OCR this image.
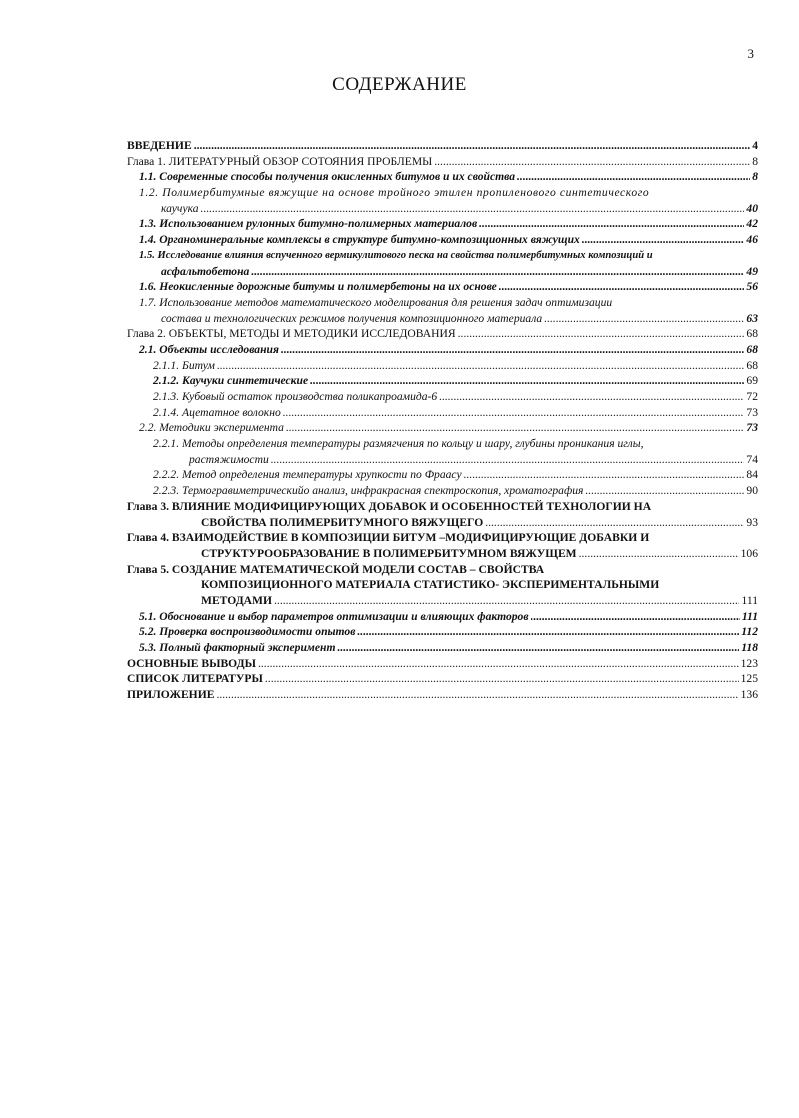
3
СОДЕРЖАНИЕ
ВВЕДЕНИЕ .....	4
Глава 1. ЛИТЕРАТУРНЫЙ ОБЗОР СОТОЯНИЯ ПРОБЛЕМЫ .....	8
1.1. Современные способы получения окисленных битумов и их свойства .....	8
1.2. Полимербитумные вяжущие на основе тройного этилен пропиленового синтетического
каучука .....	40
1.3. Использованием рулонных битумно-полимерных материалов .....	42
1.4. Органоминеральные комплексы в структуре битумно-композиционных вяжущих .....	46
1.5. Исследование влияния вспученного вермикулитового песка на свойства полимербитумных композиций и
асфальтобетона .....	49
1.6. Неокисленные дорожные битумы и полимербетоны на их основе .....	56
1.7. Использование методов математического моделирования для решения задач оптимизации
состава и технологических режимов получения композиционного материала .....	63
Глава 2. ОБЪЕКТЫ, МЕТОДЫ И МЕТОДИКИ ИССЛЕДОВАНИЯ .....	68
2.1. Объекты исследования .....	68
2.1.1. Битум .....	68
2.1.2. Каучуки синтетические .....	69
2.1.3. Кубовый остаток производства поликапроамида-6 .....	72
2.1.4. Ацетатное волокно .....	73
2.2. Методики эксперимента .....	73
2.2.1. Методы определения температуры размягчения по кольцу и шару, глубины проникания иглы,
растяжимости .....	74
2.2.2. Метод определения температуры хрупкости по Фраасу .....	84
2.2.3. Термогравиметрическийо анализ, инфракрасная спектроскопия, хроматография .....	90
Глава 3. ВЛИЯНИЕ МОДИФИЦИРУЮЩИХ ДОБАВОК И ОСОБЕННОСТЕЙ ТЕХНОЛОГИИ НА
СВОЙСТВА ПОЛИМЕРБИТУМНОГО ВЯЖУЩЕГО .....	93
Глава 4. ВЗАИМОДЕЙСТВИЕ В КОМПОЗИЦИИ БИТУМ –МОДИФИЦИРУЮЩИЕ ДОБАВКИ И
СТРУКТУРООБРАЗОВАНИЕ В ПОЛИМЕРБИТУМНОМ ВЯЖУЩЕМ .....	106
Глава 5. СОЗДАНИЕ МАТЕМАТИЧЕСКОЙ МОДЕЛИ СОСТАВ – СВОЙСТВА
КОМПОЗИЦИОННОГО МАТЕРИАЛА СТАТИСТИКО- ЭКСПЕРИМЕНТАЛЬНЫМИ
МЕТОДАМИ .....	111
5.1. Обоснование и выбор параметров оптимизации и влияющих факторов .....	111
5.2. Проверка воспроизводимости опытов .....	112
5.3. Полный факторный эксперимент .....	118
ОСНОВНЫЕ ВЫВОДЫ .....	123
СПИСОК ЛИТЕРАТУРЫ .....	125
ПРИЛОЖЕНИЕ .....	136
